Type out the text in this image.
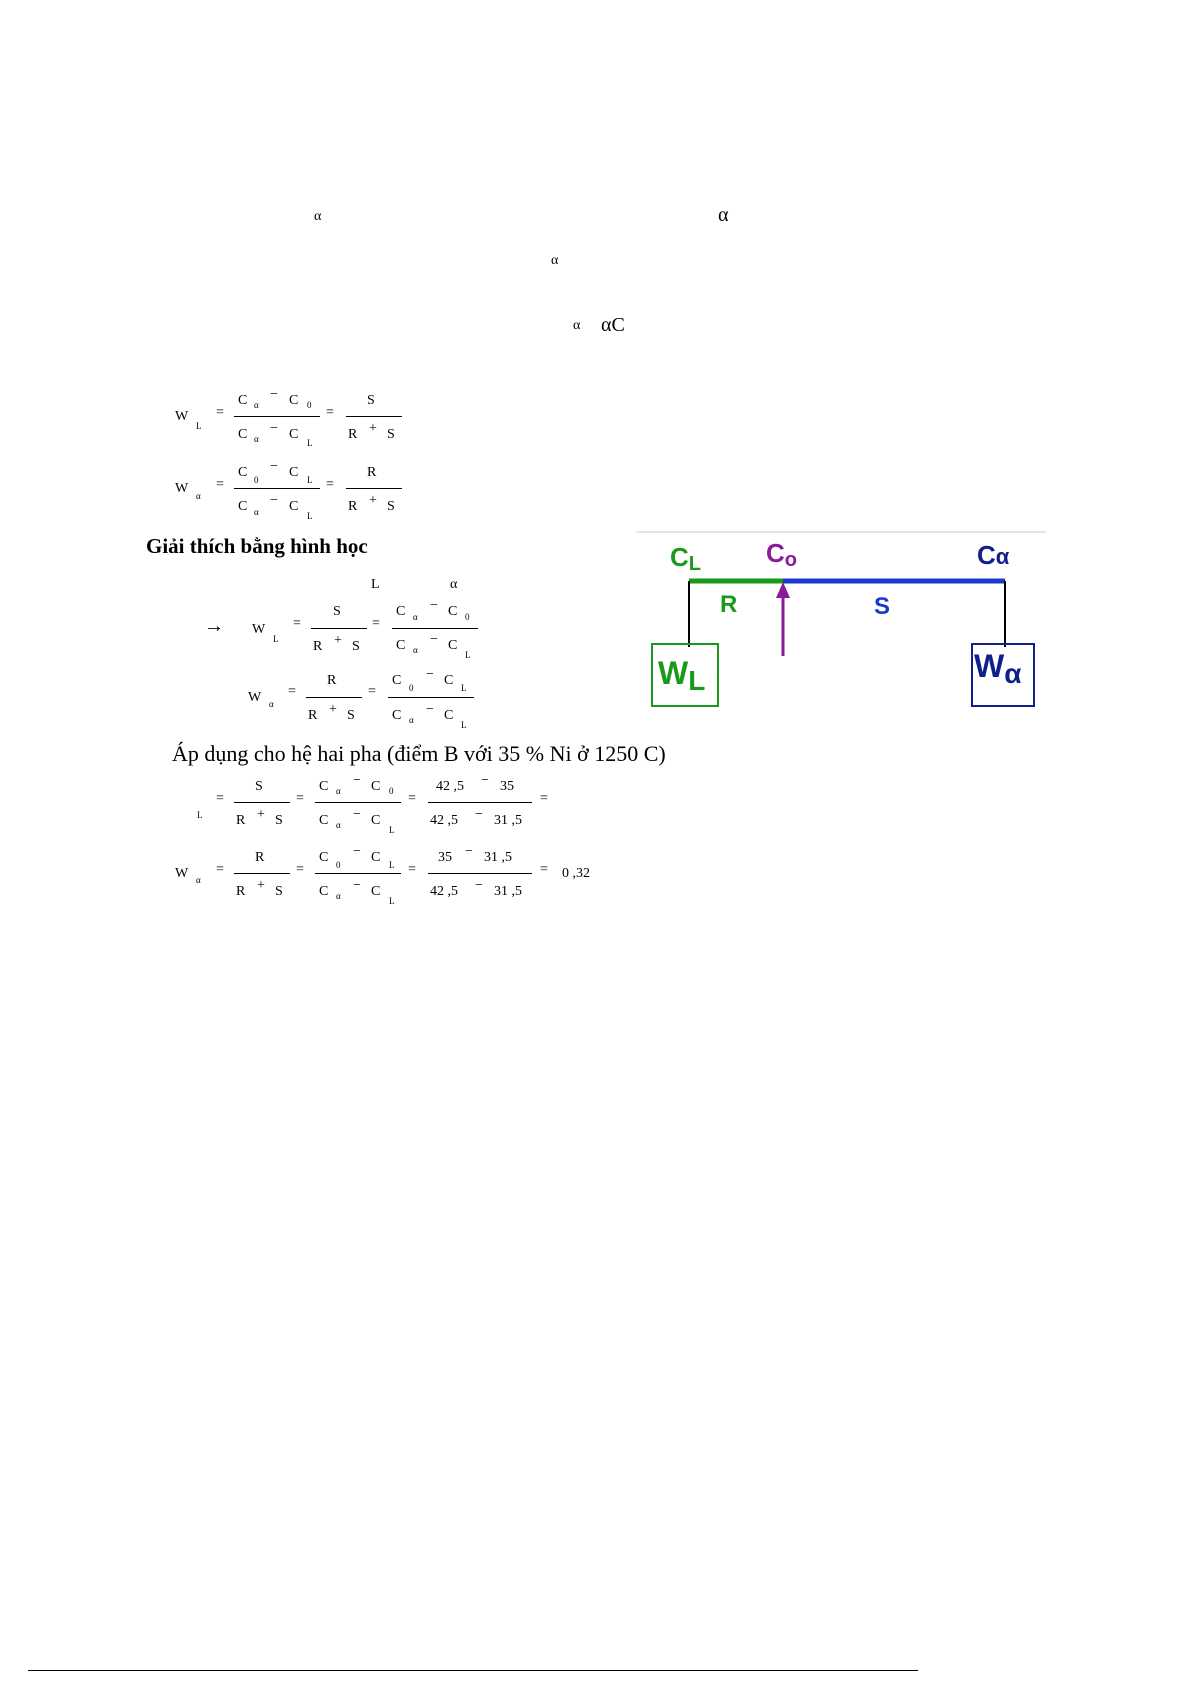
α	α
α
α αC
W
L
=
C α
− C 0
C α
− C
L
=
S
R + S
W α
=
C 0
− C L
C α
− C
L
=
R
R + S
Giải thích bằng hình học
L	α
→ W
L
=
S
R + S
=
C α
− C 0
C α
− C
L
W α
=
R
R + S
=
C 0
− C L
C α
− C
L
CL	Co	Cα
R	S
WL	Wα
Áp dụng cho hệ hai pha (điểm B với 35 % Ni ở 1250 C)
L
=
S
R + S
=
C α
− C 0
C α
− C
L
=
42 ,5 − 35
42 ,5 − 31 ,5
=
W α
=
R
R + S
=
C 0
− C L
C α
− C
L
=
35 − 31 ,5
42 ,5 − 31 ,5
= 0 ,32
